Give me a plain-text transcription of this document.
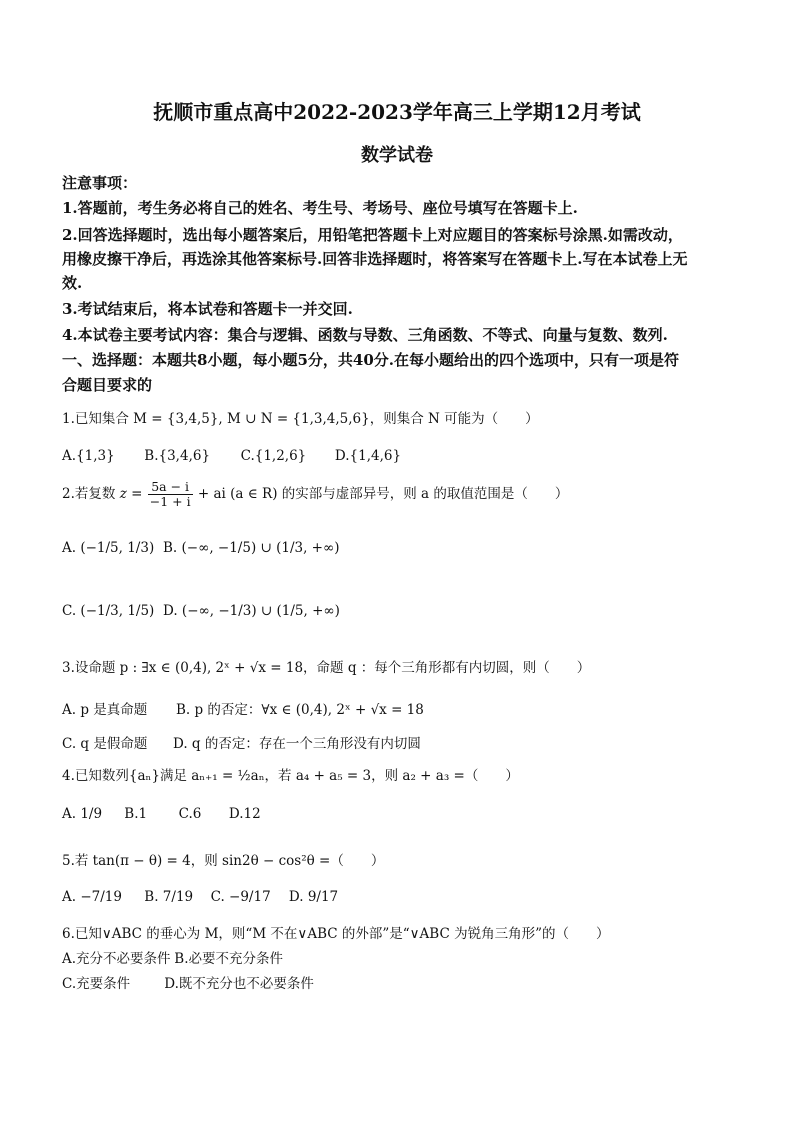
抚顺市重点高中2022-2023学年高三上学期12月考试
数学试卷
注意事项：
1.答题前，考生务必将自己的姓名、考生号、考场号、座位号填写在答题卡上.
2.回答选择题时，选出每小题答案后，用铅笔把答题卡上对应题目的答案标号涂黑.如需改动，
用橡皮擦干净后，再选涂其他答案标号.回答非选择题时，将答案写在答题卡上.写在本试卷上无
效.
3.考试结束后，将本试卷和答题卡一并交回.
4.本试卷主要考试内容：集合与逻辑、函数与导数、三角函数、不等式、向量与复数、数列.
一、选择题：本题共8小题，每小题5分，共40分.在每小题给出的四个选项中，只有一项是符
合题目要求的
1.已知集合 M = {3,4,5}, M ∪ N = {1,3,4,5,6}，则集合 N 可能为（　　）
A.{1,3} B.{3,4,6} C.{1,2,6} D.{1,4,6}
2.若复数 $z = \frac{5a - i}{-1 + i}$ + ai (a ∈ R) 的实部与虚部异号，则 a 的取值范围是（　　）
A. (−1/5, 1/3) B. (−∞, −1/5) ∪ (1/3, +∞)
C. (−1/3, 1/5) D. (−∞, −1/3) ∪ (1/5, +∞)
3.设命题 p : ∃x ∈ (0,4), 2ˣ + √x = 18，命题 q ：每个三角形都有内切圆，则（　　）
A. p 是真命题 B. p 的否定：∀x ∈ (0,4), 2ˣ + √x = 18
C. q 是假命题 D. q 的否定：存在一个三角形没有内切圆
4.已知数列{aₙ}满足 aₙ₊₁ = ½aₙ，若 a₄ + a₅ = 3，则 a₂ + a₃ =（　　）
A. 1/9 B.1 C.6 D.12
5.若 tan(π − θ) = 4，则 sin2θ − cos²θ =（　　）
A. −7/19 B. 7/19 C. −9/17 D. 9/17
6.已知∨ABC 的垂心为 M，则“M 不在∨ABC 的外部”是“∨ABC 为锐角三角形”的（　　）
A.充分不必要条件 B.必要不充分条件
C.充要条件	D.既不充分也不必要条件
